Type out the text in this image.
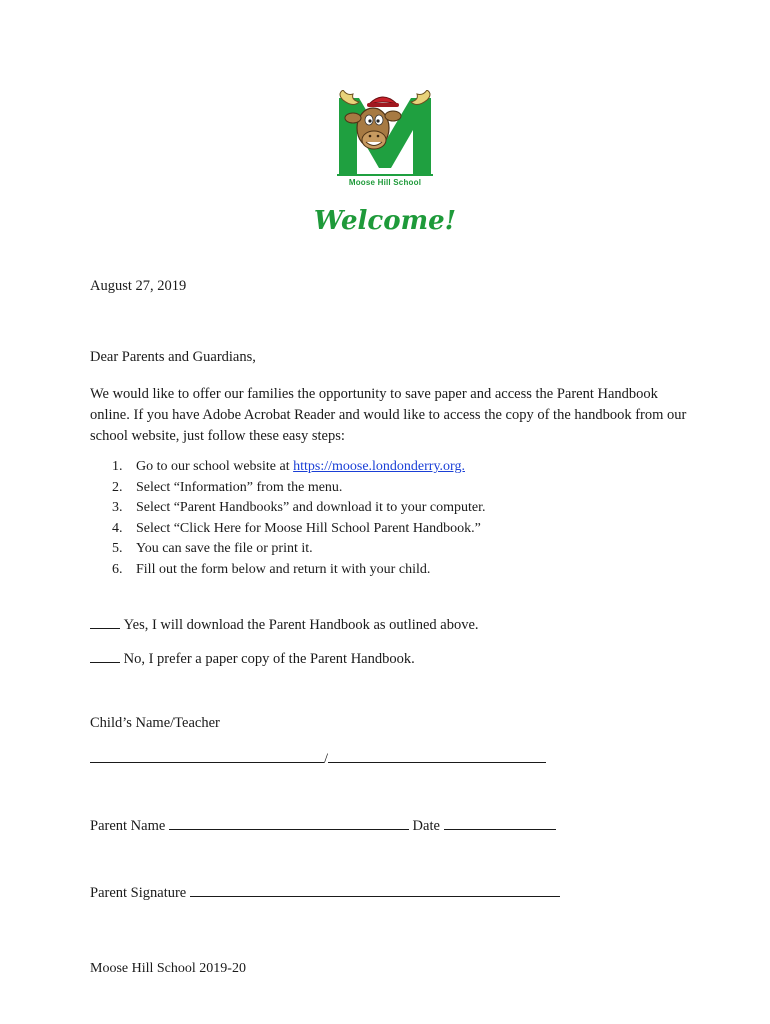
Moose Hill School
Welcome!
August 27, 2019
Dear Parents and Guardians,
We would like to offer our families the opportunity to save paper and access the Parent Handbook online. If you have Adobe Acrobat Reader and would like to access the copy of the handbook from our school website, just follow these easy steps:
1. Go to our school website at
https://moose.londonderry.org.
2. Select “Information” from the menu.
3. Select “Parent Handbooks” and download it to your computer.
4. Select “Click Here for Moose Hill School Parent Handbook.”
5. You can save the file or print it.
6. Fill out the form below and return it with your child.
Yes, I will download the Parent Handbook as outlined above.
No, I prefer a paper copy of the Parent Handbook.
Child’s Name/Teacher
/
Parent Name	Date
Parent Signature
Moose Hill School 2019-20
